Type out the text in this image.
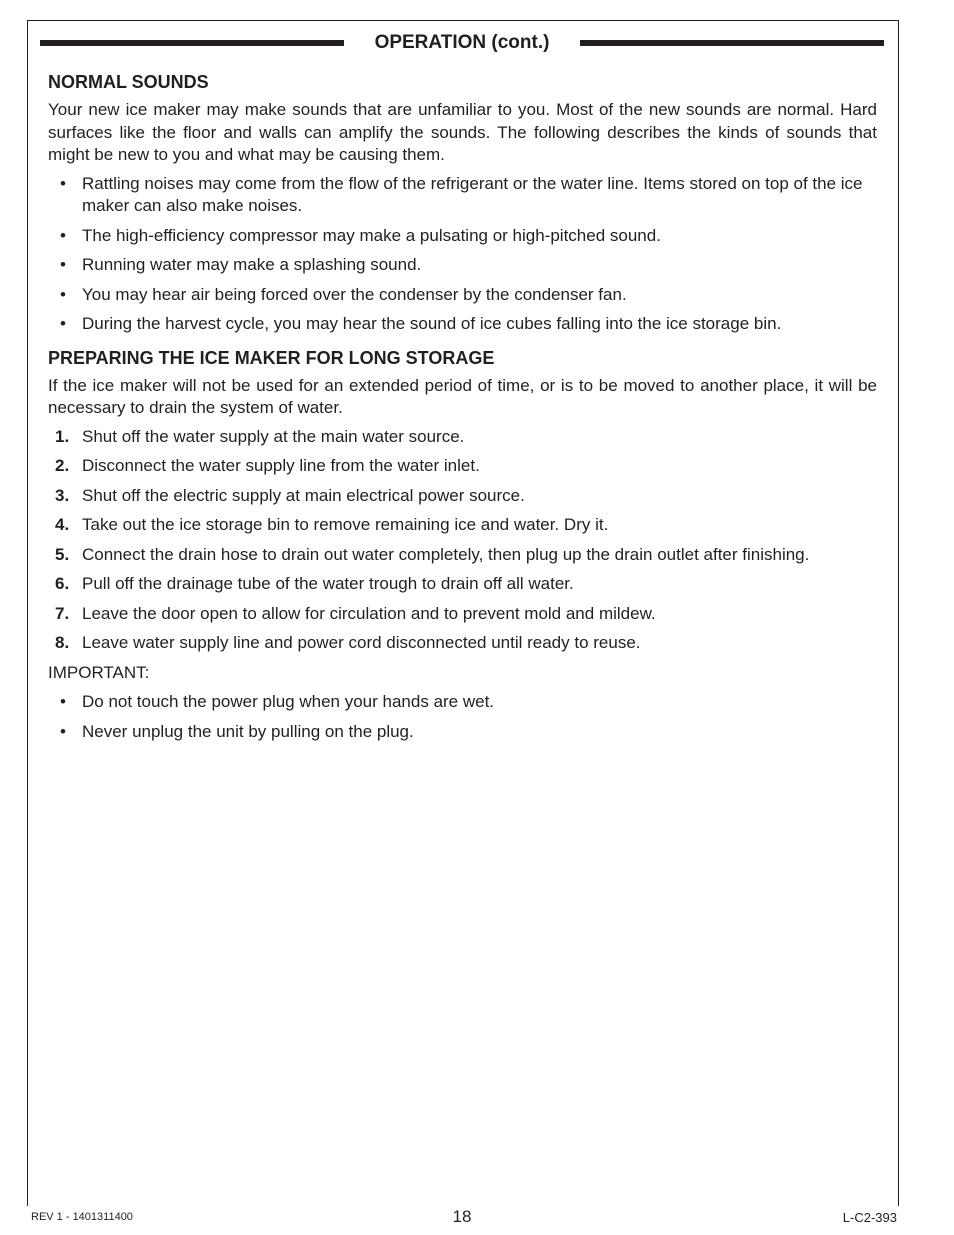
OPERATION (cont.)
NORMAL SOUNDS

Your new ice maker may make sounds that are unfamiliar to you. Most of the new sounds are normal. Hard surfaces like the floor and walls can amplify the sounds. The following describes the kinds of sounds that might be new to you and what may be causing them.

• Rattling noises may come from the flow of the refrigerant or the water line. Items stored on top of the ice maker can also make noises.
• The high-efficiency compressor may make a pulsating or high-pitched sound.
• Running water may make a splashing sound.
• You may hear air being forced over the condenser by the condenser fan.
• During the harvest cycle, you may hear the sound of ice cubes falling into the ice storage bin.
PREPARING THE ICE MAKER FOR LONG STORAGE

If the ice maker will not be used for an extended period of time, or is to be moved to another place, it will be necessary to drain the system of water.

1. Shut off the water supply at the main water source.
2. Disconnect the water supply line from the water inlet.
3. Shut off the electric supply at main electrical power source.
4. Take out the ice storage bin to remove remaining ice and water. Dry it.
5. Connect the drain hose to drain out water completely, then plug up the drain outlet after finishing.
6. Pull off the drainage tube of the water trough to drain off all water.
7. Leave the door open to allow for circulation and to prevent mold and mildew.
8. Leave water supply line and power cord disconnected until ready to reuse.

IMPORTANT:

• Do not touch the power plug when your hands are wet.
• Never unplug the unit by pulling on the plug.
REV 1 - 1401311400	18	L-C2-393
